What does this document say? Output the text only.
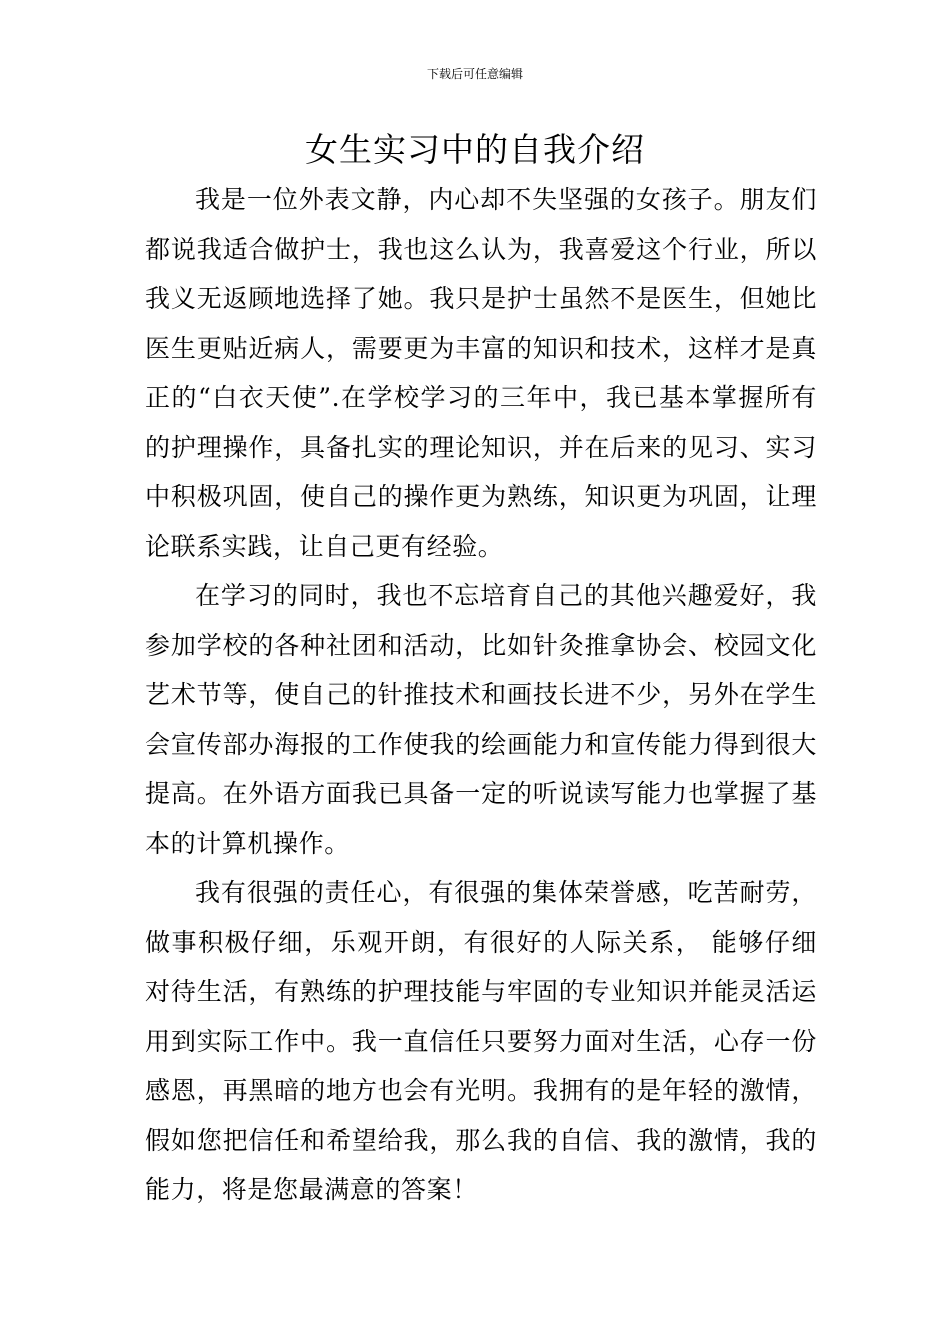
下载后可任意编辑
女生实习中的自我介绍

我是一位外表文静，内心却不失坚强的女孩子。朋友们都说我适合做护士，我也这么认为，我喜爱这个行业，所以我义无返顾地选择了她。我只是护士虽然不是医生，但她比医生更贴近病人，需要更为丰富的知识和技术，这样才是真正的“白衣天使”.在学校学习的三年中，我已基本掌握所有的护理操作，具备扎实的理论知识，并在后来的见习、实习中积极巩固，使自己的操作更为熟练，知识更为巩固，让理论联系实践，让自己更有经验。

在学习的同时，我也不忘培育自己的其他兴趣爱好，我参加学校的各种社团和活动，比如针灸推拿协会、校园文化艺术节等，使自己的针推技术和画技长进不少，另外在学生会宣传部办海报的工作使我的绘画能力和宣传能力得到很大提高。在外语方面我已具备一定的听说读写能力也掌握了基本的计算机操作。

我有很强的责任心，有很强的集体荣誉感，吃苦耐劳，做事积极仔细，乐观开朗，有很好的人际关系， 能够仔细对待生活，有熟练的护理技能与牢固的专业知识并能灵活运用到实际工作中。我一直信任只要努力面对生活，心存一份感恩，再黑暗的地方也会有光明。我拥有的是年轻的激情，假如您把信任和希望给我，那么我的自信、我的激情，我的能力，将是您最满意的答案！
